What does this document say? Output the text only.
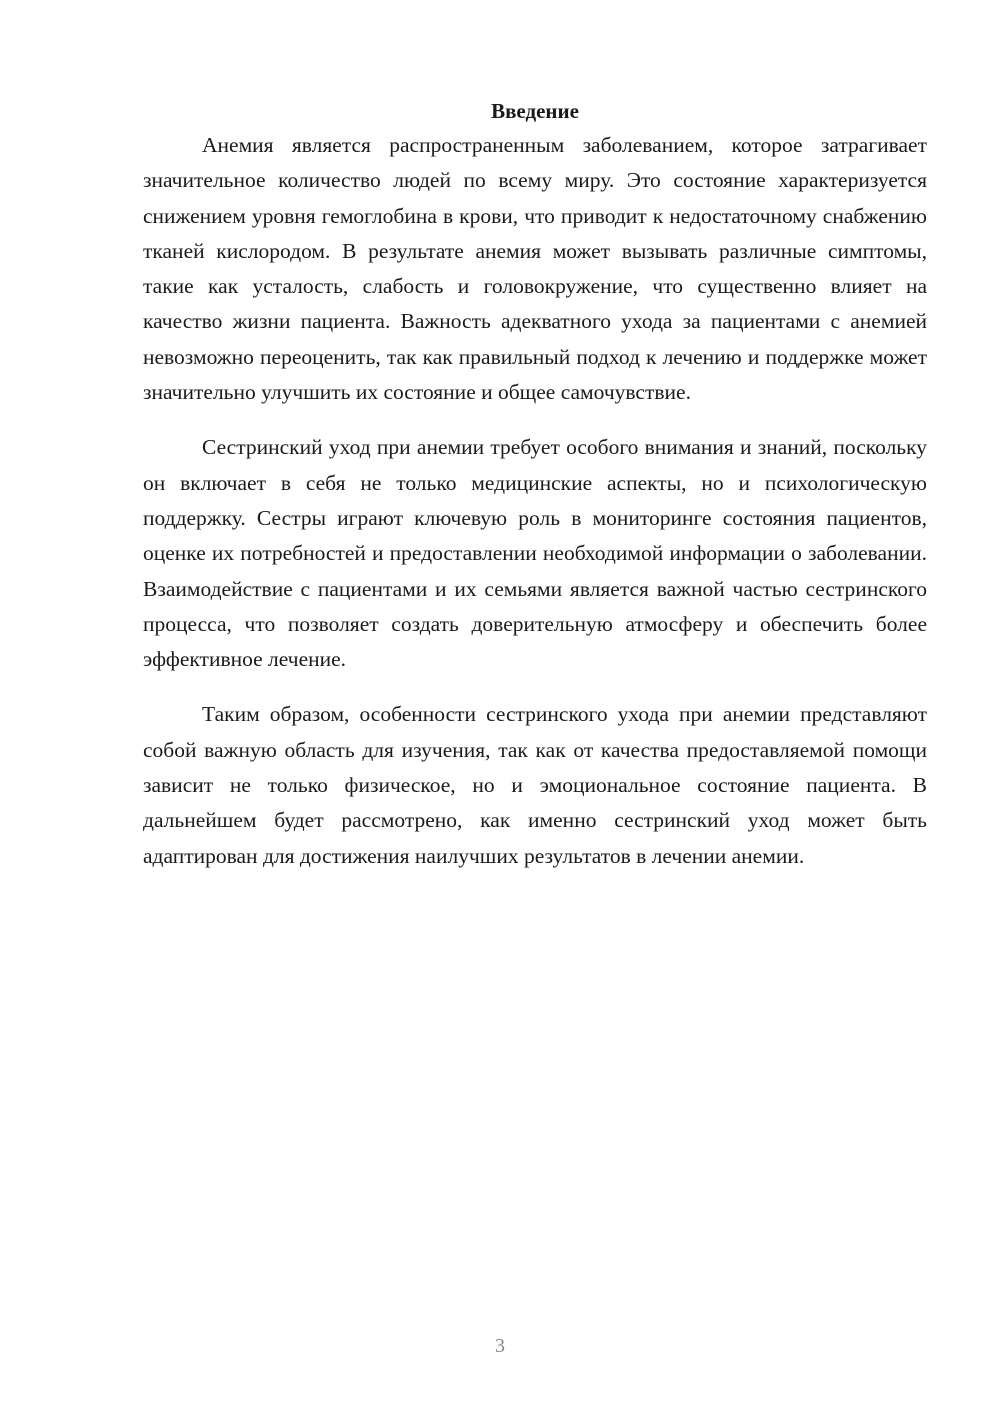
Введение

Анемия является распространенным заболеванием, которое затрагивает значительное количество людей по всему миру. Это состояние характеризуется снижением уровня гемоглобина в крови, что приводит к недостаточному снабжению тканей кислородом. В результате анемия может вызывать различные симптомы, такие как усталость, слабость и головокружение, что существенно влияет на качество жизни пациента. Важность адекватного ухода за пациентами с анемией невозможно переоценить, так как правильный подход к лечению и поддержке может значительно улучшить их состояние и общее самочувствие.

Сестринский уход при анемии требует особого внимания и знаний, поскольку он включает в себя не только медицинские аспекты, но и психологическую поддержку. Сестры играют ключевую роль в мониторинге состояния пациентов, оценке их потребностей и предоставлении необходимой информации о заболевании. Взаимодействие с пациентами и их семьями является важной частью сестринского процесса, что позволяет создать доверительную атмосферу и обеспечить более эффективное лечение.

Таким образом, особенности сестринского ухода при анемии представляют собой важную область для изучения, так как от качества предоставляемой помощи зависит не только физическое, но и эмоциональное состояние пациента. В дальнейшем будет рассмотрено, как именно сестринский уход может быть адаптирован для достижения наилучших результатов в лечении анемии.

3
